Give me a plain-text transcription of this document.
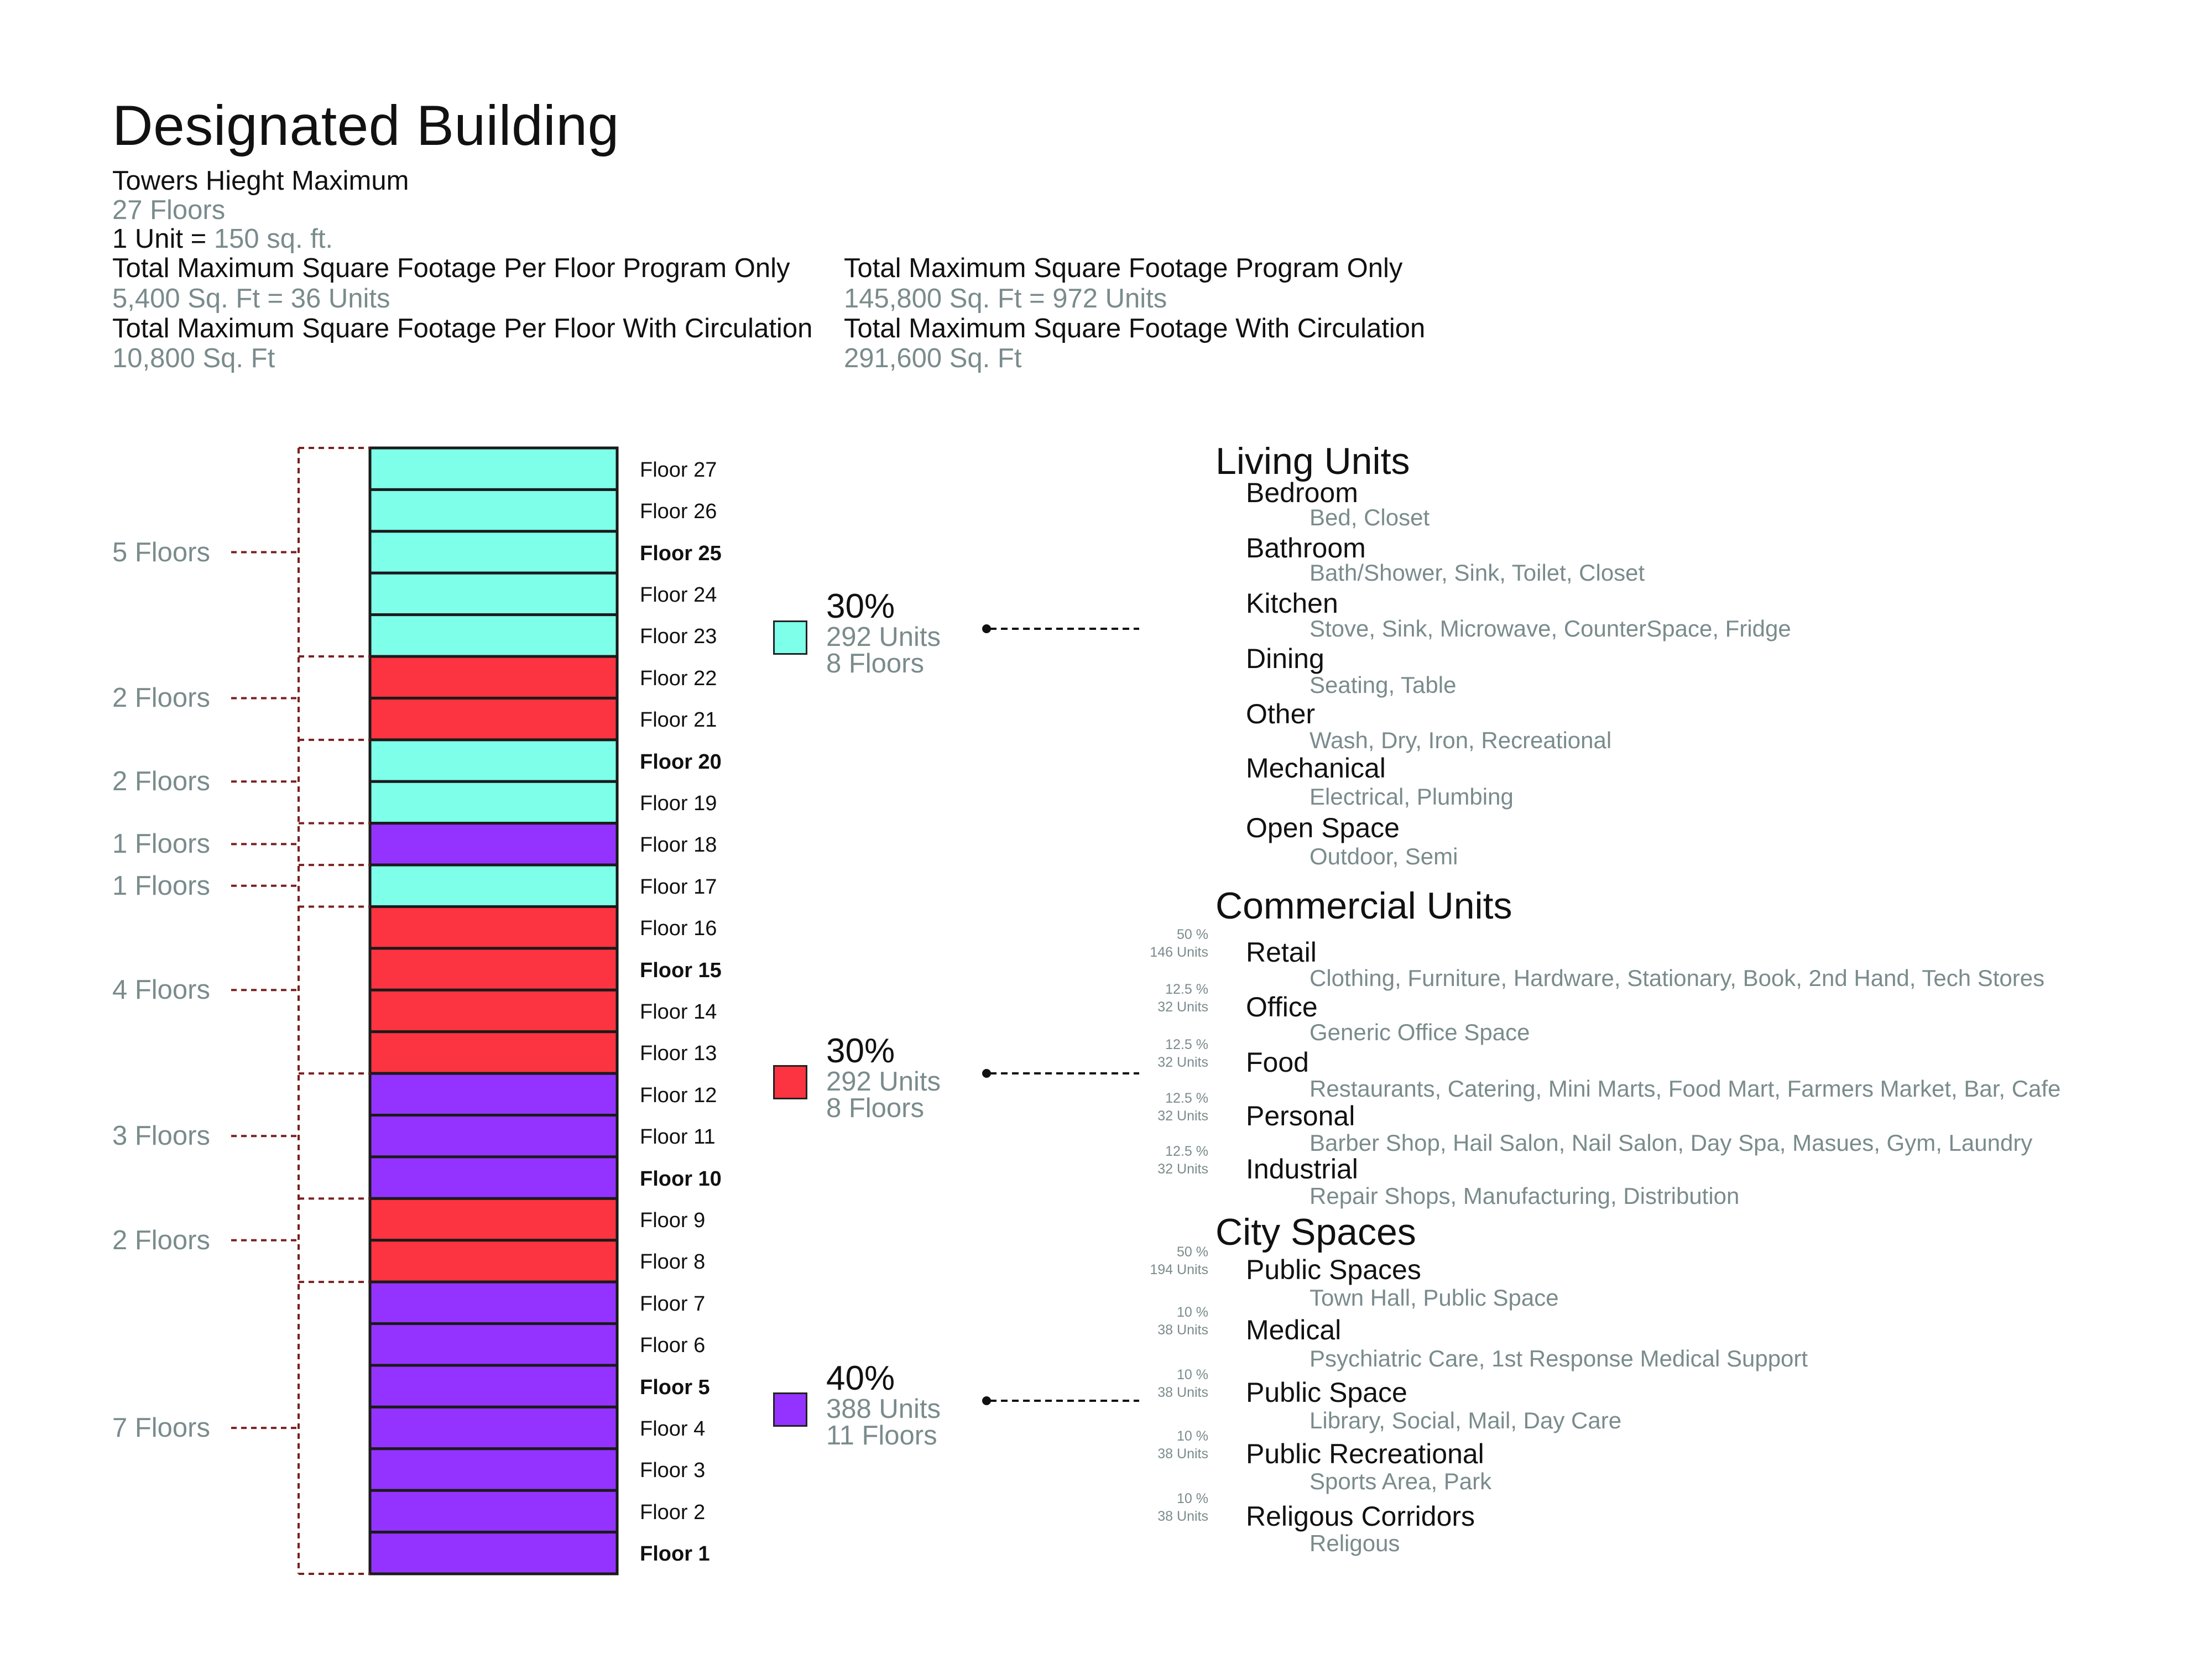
Designated Building
Towers Hieght Maximum
27 Floors
1 Unit = 150 sq. ft.
Total Maximum Square Footage Per Floor Program Only
5,400 Sq. Ft = 36 Units
Total Maximum Square Footage Per Floor With Circulation
10,800 Sq. Ft
Total Maximum Square Footage Program Only
145,800 Sq. Ft = 972 Units
Total Maximum Square Footage With Circulation
291,600 Sq. Ft
Floor 27
Floor 26
Floor 25
Floor 24
Floor 23
Floor 22
Floor 21
Floor 20
Floor 19
Floor 18
Floor 17
Floor 16
Floor 15
Floor 14
Floor 13
Floor 12
Floor 11
Floor 10
Floor 9
Floor 8
Floor 7
Floor 6
Floor 5
Floor 4
Floor 3
Floor 2
Floor 1
5 Floors
2 Floors
2 Floors
1 Floors
1 Floors
4 Floors
3 Floors
2 Floors
7 Floors
30%
292 Units
8 Floors
30%
292 Units
8 Floors
40%
388 Units
11 Floors
Living Units
Bedroom
Bed, Closet
Bathroom
Bath/Shower, Sink, Toilet, Closet
Kitchen
Stove, Sink, Microwave, CounterSpace, Fridge
Dining
Seating, Table
Other
Wash, Dry, Iron, Recreational
Mechanical
Electrical, Plumbing
Open Space
Outdoor, Semi
Commercial Units
Retail
Clothing, Furniture, Hardware, Stationary, Book, 2nd Hand, Tech Stores
50 %
146 Units
Office
Generic Office Space
12.5 %
32 Units
Food
Restaurants, Catering, Mini Marts, Food Mart, Farmers Market, Bar, Cafe
12.5 %
32 Units
Personal
Barber Shop, Hail Salon, Nail Salon, Day Spa, Masues, Gym, Laundry
12.5 %
32 Units
Industrial
Repair Shops, Manufacturing, Distribution
12.5 %
32 Units
City Spaces
Public Spaces
Town Hall, Public Space
50 %
194 Units
Medical
Psychiatric Care, 1st Response Medical Support
10 %
38 Units
Public Space
Library, Social, Mail, Day Care
10 %
38 Units
Public Recreational
Sports Area, Park
10 %
38 Units
Religous Corridors
Religous
10 %
38 Units
